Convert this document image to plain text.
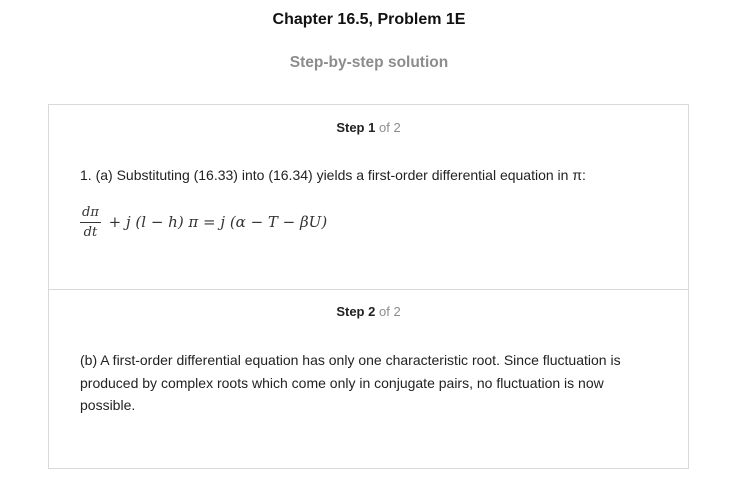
Chapter 16.5, Problem 1E
Step-by-step solution
Step 1 of 2
1. (a) Substituting (16.33) into (16.34) yields a first-order differential equation in π:
$\frac{d\pi}{dt} + j$ (l − h) π = j (α − T − βU)
Step 2 of 2
(b) A first-order differential equation has only one characteristic root. Since fluctuation is produced by complex roots which come only in conjugate pairs, no fluctuation is now possible.
